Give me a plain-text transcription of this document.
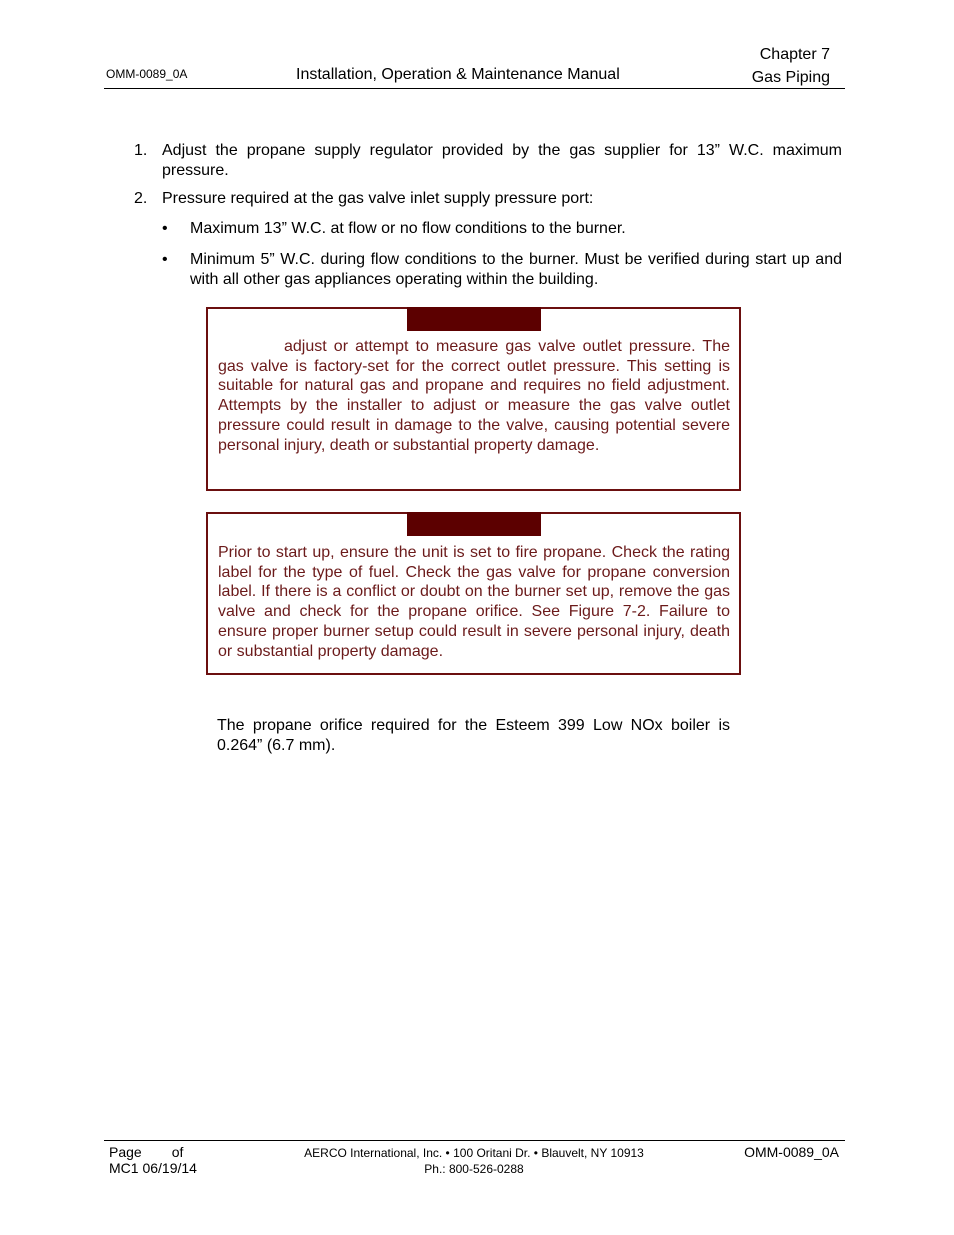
OMM-0089_0A	Installation, Operation & Maintenance Manual
Chapter 7
Gas Piping
1. Adjust the propane supply regulator provided by the gas supplier for 13” W.C. maximum pressure.
2. Pressure required at the gas valve inlet supply pressure port:
• Maximum 13” W.C. at flow or no flow conditions to the burner.
• Minimum 5” W.C. during flow conditions to the burner. Must be verified during start up and with all other gas appliances operating within the building.
adjust or attempt to measure gas valve outlet pressure. The gas valve is factory-set for the correct outlet pressure. This setting is suitable for natural gas and propane and requires no field adjustment. Attempts by the installer to adjust or measure the gas valve outlet pressure could result in damage to the valve, causing potential severe personal injury, death or substantial property damage.
Prior to start up, ensure the unit is set to fire propane. Check the rating label for the type of fuel. Check the gas valve for propane conversion label. If there is a conflict or doubt on the burner set up, remove the gas valve and check for the propane orifice. See Figure 7-2. Failure to ensure proper burner setup could result in severe personal injury, death or substantial property damage.
The propane orifice required for the Esteem 399 Low NOx boiler is 0.264” (6.7 mm).
Page of
MC1 06/19/14
AERCO International, Inc. • 100 Oritani Dr. • Blauvelt, NY 10913
Ph.: 800-526-0288
OMM-0089_0A
